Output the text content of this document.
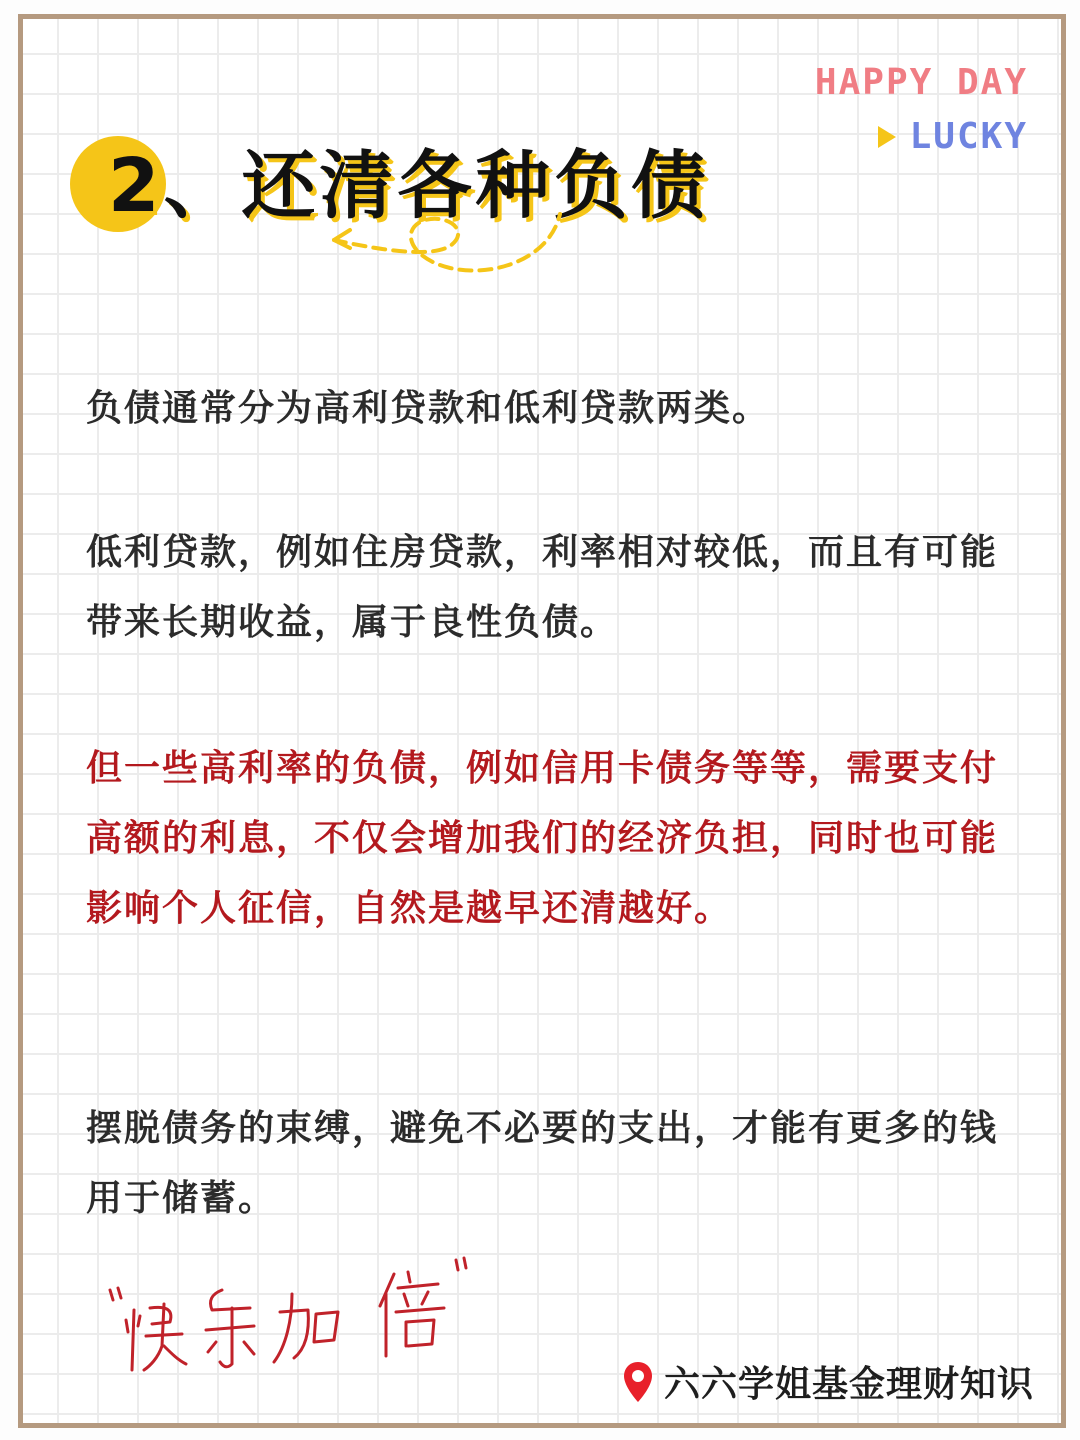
HAPPY DAY
LUCKY
2、还清各种负债

负债通常分为高利贷款和低利贷款两类。

低利贷款，例如住房贷款，利率相对较低，而且有可能带来长期收益，属于良性负债。

但一些高利率的负债，例如信用卡债务等等，需要支付高额的利息，不仅会增加我们的经济负担，同时也可能影响个人征信，自然是越早还清越好。

摆脱债务的束缚，避免不必要的支出，才能有更多的钱用于储蓄。

六六学姐基金理财知识
